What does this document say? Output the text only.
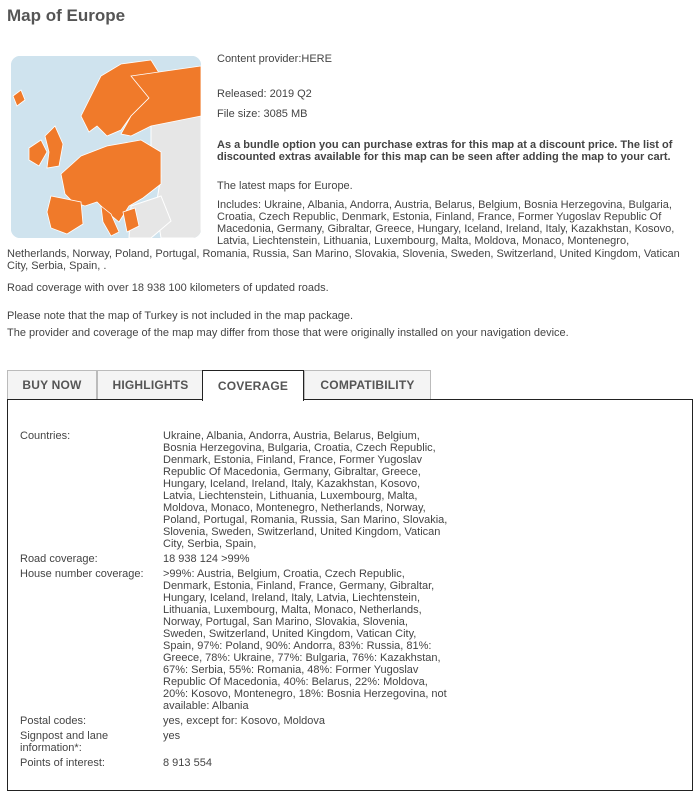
Map of Europe
Content provider:HERE
Released: 2019 Q2
File size: 3085 MB
As a bundle option you can purchase extras for this map at a discount price. The list of discounted extras available for this map can be seen after adding the map to your cart.
The latest maps for Europe.
Includes: Ukraine, Albania, Andorra, Austria, Belarus, Belgium, Bosnia Herzegovina, Bulgaria, Croatia, Czech Republic, Denmark, Estonia, Finland, France, Former Yugoslav Republic Of Macedonia, Germany, Gibraltar, Greece, Hungary, Iceland, Ireland, Italy, Kazakhstan, Kosovo, Latvia, Liechtenstein, Lithuania, Luxembourg, Malta, Moldova, Monaco, Montenegro,
Netherlands, Norway, Poland, Portugal, Romania, Russia, San Marino, Slovakia, Slovenia, Sweden, Switzerland, United Kingdom, Vatican City, Serbia, Spain, .
Road coverage with over 18 938 100 kilometers of updated roads.
Please note that the map of Turkey is not included in the map package.
The provider and coverage of the map may differ from those that were originally installed on your navigation device.
BUY NOW	HIGHLIGHTS	COVERAGE	COMPATIBILITY
Countries:	Ukraine, Albania, Andorra, Austria, Belarus, Belgium, Bosnia Herzegovina, Bulgaria, Croatia, Czech Republic, Denmark, Estonia, Finland, France, Former Yugoslav Republic Of Macedonia, Germany, Gibraltar, Greece, Hungary, Iceland, Ireland, Italy, Kazakhstan, Kosovo, Latvia, Liechtenstein, Lithuania, Luxembourg, Malta, Moldova, Monaco, Montenegro, Netherlands, Norway, Poland, Portugal, Romania, Russia, San Marino, Slovakia, Slovenia, Sweden, Switzerland, United Kingdom, Vatican City, Serbia, Spain,
Road coverage:	18 938 124 >99%
House number coverage: >99%: Austria, Belgium, Croatia, Czech Republic, Denmark, Estonia, Finland, France, Germany, Gibraltar, Hungary, Iceland, Ireland, Italy, Latvia, Liechtenstein, Lithuania, Luxembourg, Malta, Monaco, Netherlands, Norway, Portugal, San Marino, Slovakia, Slovenia, Sweden, Switzerland, United Kingdom, Vatican City, Spain, 97%: Poland, 90%: Andorra, 83%: Russia, 81%: Greece, 78%: Ukraine, 77%: Bulgaria, 76%: Kazakhstan, 67%: Serbia, 55%: Romania, 48%: Former Yugoslav Republic Of Macedonia, 40%: Belarus, 22%: Moldova, 20%: Kosovo, Montenegro, 18%: Bosnia Herzegovina, not available: Albania
Postal codes:	yes, except for: Kosovo, Moldova
Signpost and lane information*:
yes
Points of interest:	8 913 554
